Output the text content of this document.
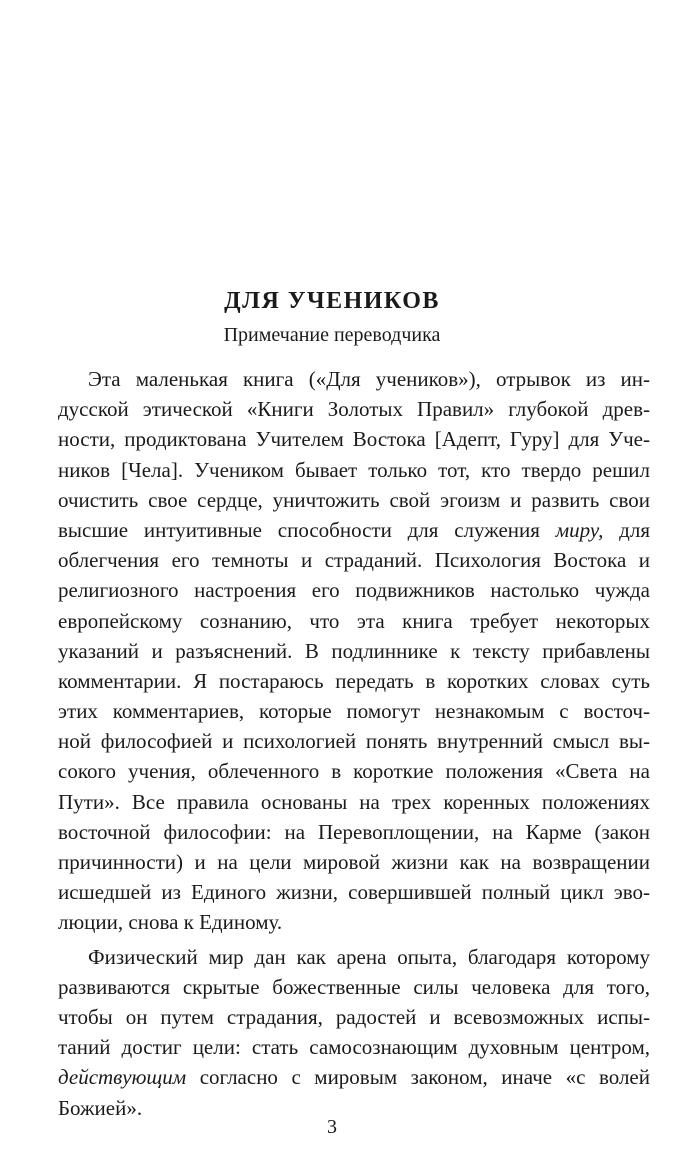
ДЛЯ УЧЕНИКОВ
Примечание переводчика
Эта маленькая книга («Для учеников»), отрывок из ин-
дусской этической «Книги Золотых Правил» глубокой древ-
ности, продиктована Учителем Востока [Адепт, Гуру] для Уче-
ников [Чела]. Учеником бывает только тот, кто твердо решил
очистить свое сердце, уничтожить свой эгоизм и развить свои
высшие интуитивные способности для служения миру, для
облегчения его темноты и страданий. Психология Востока и
религиозного настроения его подвижников настолько чужда
европейскому сознанию, что эта книга требует некоторых
указаний и разъяснений. В подлиннике к тексту прибавлены
комментарии. Я постараюсь передать в коротких словах суть
этих комментариев, которые помогут незнакомым с восточ-
ной философией и психологией понять внутренний смысл вы-
сокого учения, облеченного в короткие положения «Света на
Пути». Все правила основаны на трех коренных положениях
восточной философии: на Перевоплощении, на Карме (закон
причинности) и на цели мировой жизни как на возвращении
исшедшей из Единого жизни, совершившей полный цикл эво-
люции, снова к Единому.
Физический мир дан как арена опыта, благодаря которому
развиваются скрытые божественные силы человека для того,
чтобы он путем страдания, радостей и всевозможных испы-
таний достиг цели: стать самосознающим духовным центром,
действующим согласно с мировым законом, иначе «с волей
Божией».
3
